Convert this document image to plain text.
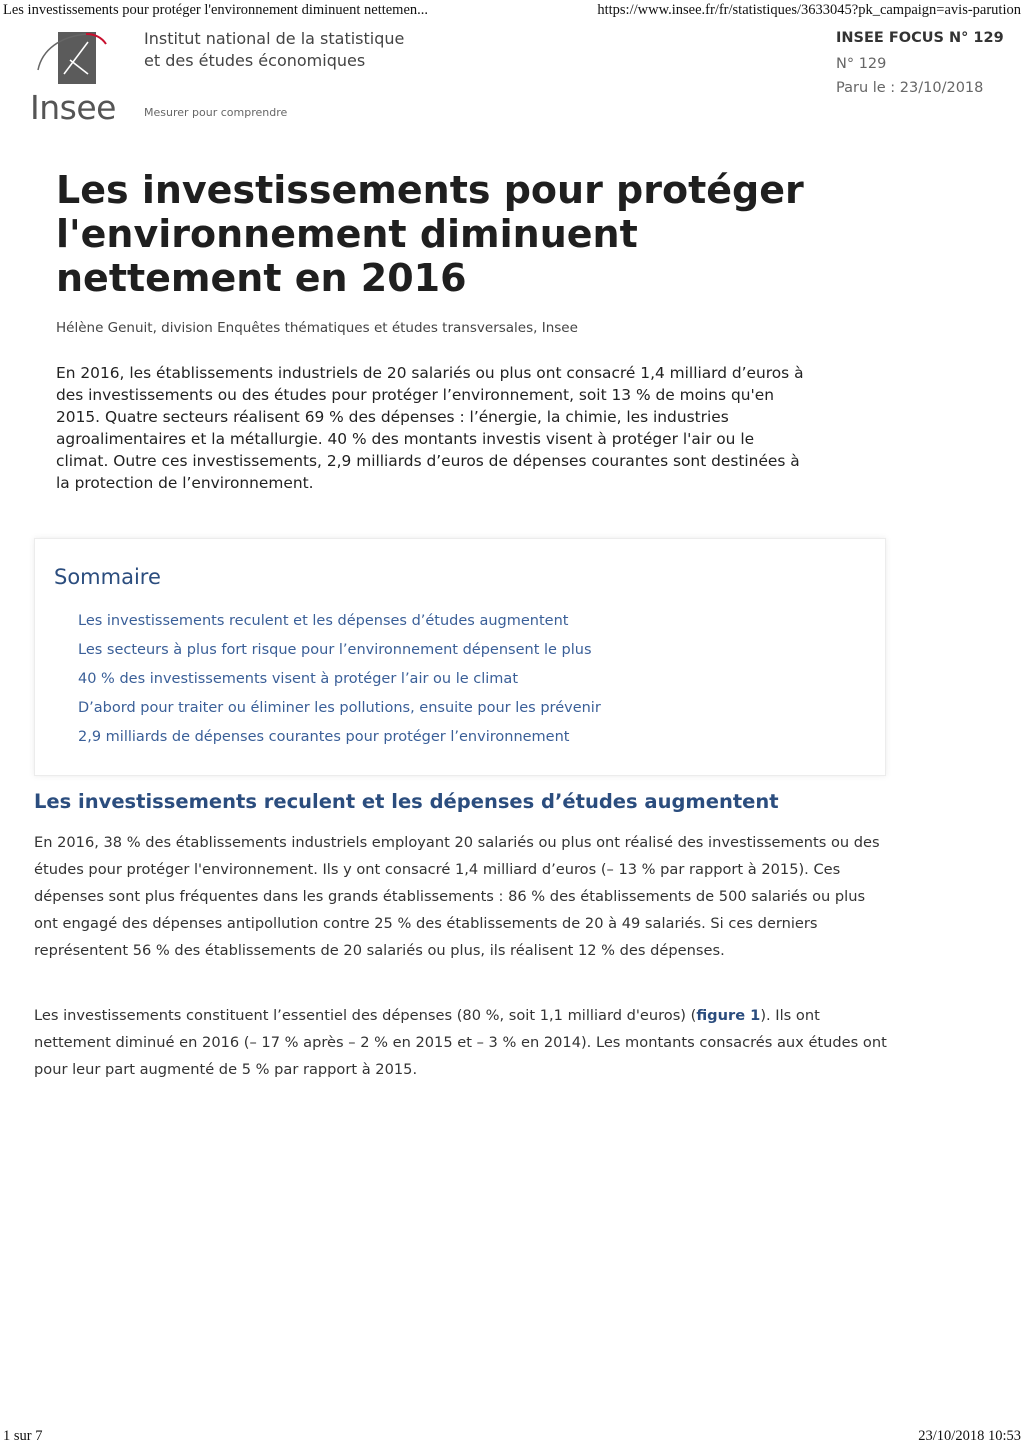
Les investissements pour protéger l'environnement diminuent nettemen...	https://www.insee.fr/fr/statistiques/3633045?pk_campaign=avis-parution
Insee
Institut national de la statistique
et des études économiques
Mesurer pour comprendre
INSEE FOCUS N° 129
N° 129
Paru le : 23/10/2018
Les investissements pour protéger l'environnement diminuent nettement en 2016
Hélène Genuit, division Enquêtes thématiques et études transversales, Insee

En 2016, les établissements industriels de 20 salariés ou plus ont consacré 1,4 milliard d’euros à des investissements ou des études pour protéger l’environnement, soit 13 % de moins qu'en 2015. Quatre secteurs réalisent 69 % des dépenses : l’énergie, la chimie, les industries agroalimentaires et la métallurgie. 40 % des montants investis visent à protéger l'air ou le climat. Outre ces investissements, 2,9 milliards d’euros de dépenses courantes sont destinées à la protection de l’environnement.

Sommaire
Les investissements reculent et les dépenses d’études augmentent
Les secteurs à plus fort risque pour l’environnement dépensent le plus
40 % des investissements visent à protéger l’air ou le climat
D’abord pour traiter ou éliminer les pollutions, ensuite pour les prévenir
2,9 milliards de dépenses courantes pour protéger l’environnement
Les investissements reculent et les dépenses d’études augmentent

En 2016, 38 % des établissements industriels employant 20 salariés ou plus ont réalisé des investissements ou des études pour protéger l'environnement. Ils y ont consacré 1,4 milliard d’euros (– 13 % par rapport à 2015). Ces dépenses sont plus fréquentes dans les grands établissements : 86 % des établissements de 500 salariés ou plus ont engagé des dépenses antipollution contre 25 % des établissements de 20 à 49 salariés. Si ces derniers représentent 56 % des établissements de 20 salariés ou plus, ils réalisent 12 % des dépenses.

Les investissements constituent l’essentiel des dépenses (80 %, soit 1,1 milliard d'euros) (figure 1). Ils ont nettement diminué en 2016 (– 17 % après – 2 % en 2015 et – 3 % en 2014). Les montants consacrés aux études ont pour leur part augmenté de 5 % par rapport à 2015.

1 sur 7	23/10/2018 10:53
